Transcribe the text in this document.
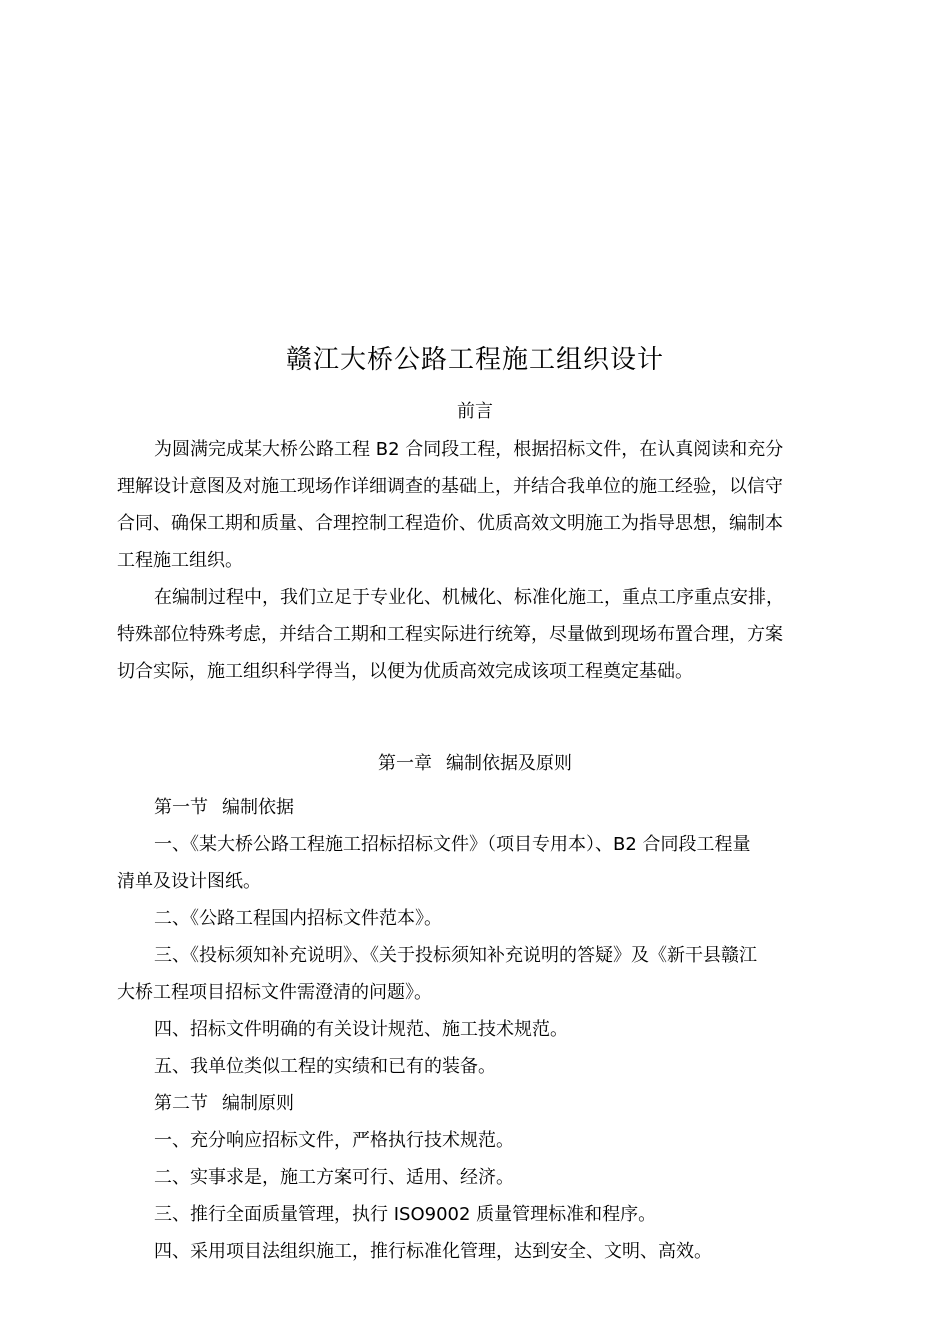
赣江大桥公路工程施工组织设计
前言

为圆满完成某大桥公路工程 B2 合同段工程，根据招标文件，在认真阅读和充分

理解设计意图及对施工现场作详细调查的基础上，并结合我单位的施工经验，以信守

合同、确保工期和质量、合理控制工程造价、优质高效文明施工为指导思想，编制本

工程施工组织。

在编制过程中，我们立足于专业化、机械化、标准化施工，重点工序重点安排，

特殊部位特殊考虑，并结合工期和工程实际进行统筹，尽量做到现场布置合理，方案

切合实际，施工组织科学得当，以便为优质高效完成该项工程奠定基础。

第一章 编制依据及原则

第一节 编制依据

一、《某大桥公路工程施工招标招标文件》（项目专用本）、B2 合同段工程量

清单及设计图纸。

二、《公路工程国内招标文件范本》。

三、《投标须知补充说明》、《关于投标须知补充说明的答疑》及《新干县赣江

大桥工程项目招标文件需澄清的问题》。

四、招标文件明确的有关设计规范、施工技术规范。

五、我单位类似工程的实绩和已有的装备。

第二节 编制原则

一、充分响应招标文件，严格执行技术规范。

二、实事求是，施工方案可行、适用、经济。

三、推行全面质量管理，执行 ISO9002 质量管理标准和程序。

四、采用项目法组织施工，推行标准化管理，达到安全、文明、高效。
